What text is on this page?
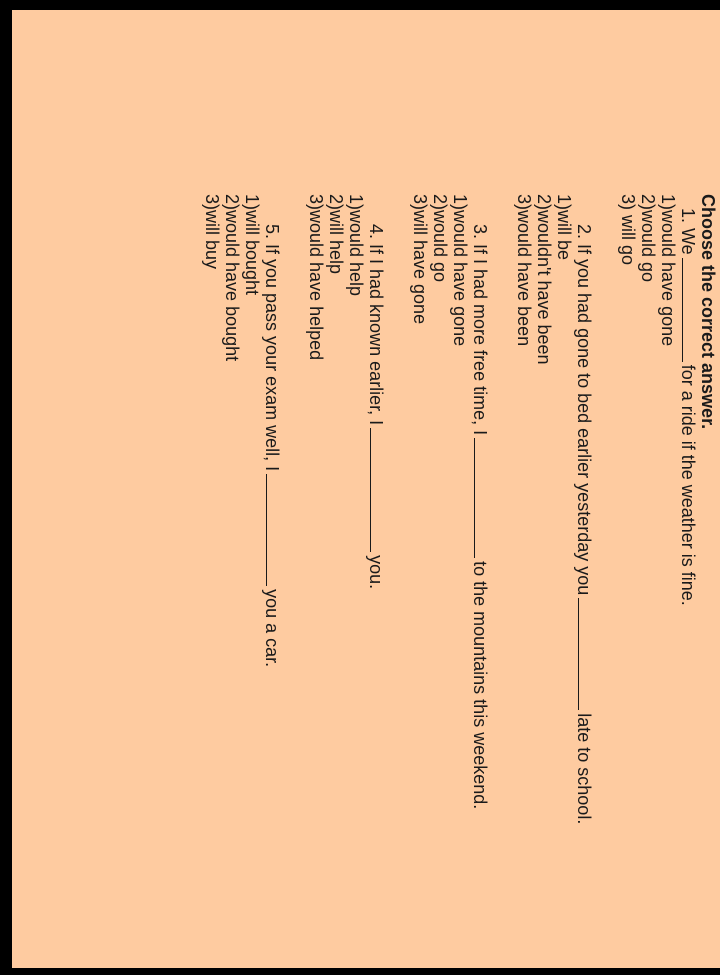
Choose the correct answer.
1. Wefor a ride if the weather is fine.
1)would have gone
2)would go
3) will go
2. If you had gone to bed earlier yesterday youlate to school.
1)will be
2)wouldn't have been
3)would have been
3. If I had more free time, Ito the mountains this weekend.
1)would have gone
2)would go
3)will have gone
4. If I had known earlier, Iyou.
1)would help
2)will help
3)would have helped
5. If you pass your exam well, Iyou a car.
1)will bought
2)would have bought
3)will buy
